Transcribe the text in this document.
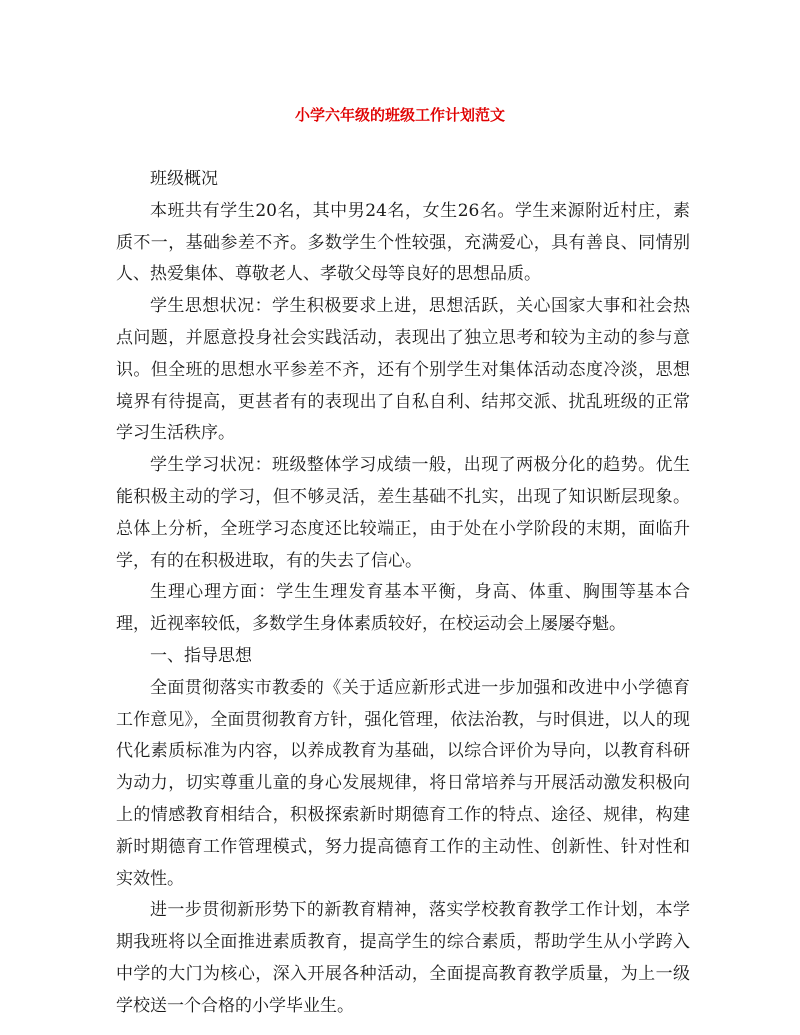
小学六年级的班级工作计划范文

班级概况

本班共有学生20名，其中男24名，女生26名。学生来源附近村庄，素质不一，基础参差不齐。多数学生个性较强，充满爱心，具有善良、同情别人、热爱集体、尊敬老人、孝敬父母等良好的思想品质。

学生思想状况：学生积极要求上进，思想活跃，关心国家大事和社会热点问题，并愿意投身社会实践活动，表现出了独立思考和较为主动的参与意识。但全班的思想水平参差不齐，还有个别学生对集体活动态度冷淡，思想境界有待提高，更甚者有的表现出了自私自利、结邦交派、扰乱班级的正常学习生活秩序。

学生学习状况：班级整体学习成绩一般，出现了两极分化的趋势。优生能积极主动的学习，但不够灵活，差生基础不扎实，出现了知识断层现象。总体上分析，全班学习态度还比较端正，由于处在小学阶段的末期，面临升学，有的在积极进取，有的失去了信心。

生理心理方面：学生生理发育基本平衡，身高、体重、胸围等基本合理，近视率较低，多数学生身体素质较好，在校运动会上屡屡夺魁。

一、指导思想

全面贯彻落实市教委的《关于适应新形式进一步加强和改进中小学德育工作意见》，全面贯彻教育方针，强化管理，依法治教，与时俱进，以人的现代化素质标准为内容，以养成教育为基础，以综合评价为导向，以教育科研为动力，切实尊重儿童的身心发展规律，将日常培养与开展活动激发积极向上的情感教育相结合，积极探索新时期德育工作的特点、途径、规律，构建新时期德育工作管理模式，努力提高德育工作的主动性、创新性、针对性和实效性。

进一步贯彻新形势下的新教育精神，落实学校教育教学工作计划，本学期我班将以全面推进素质教育，提高学生的综合素质，帮助学生从小学跨入中学的大门为核心，深入开展各种活动，全面提高教育教学质量，为上一级学校送一个合格的小学毕业生。
